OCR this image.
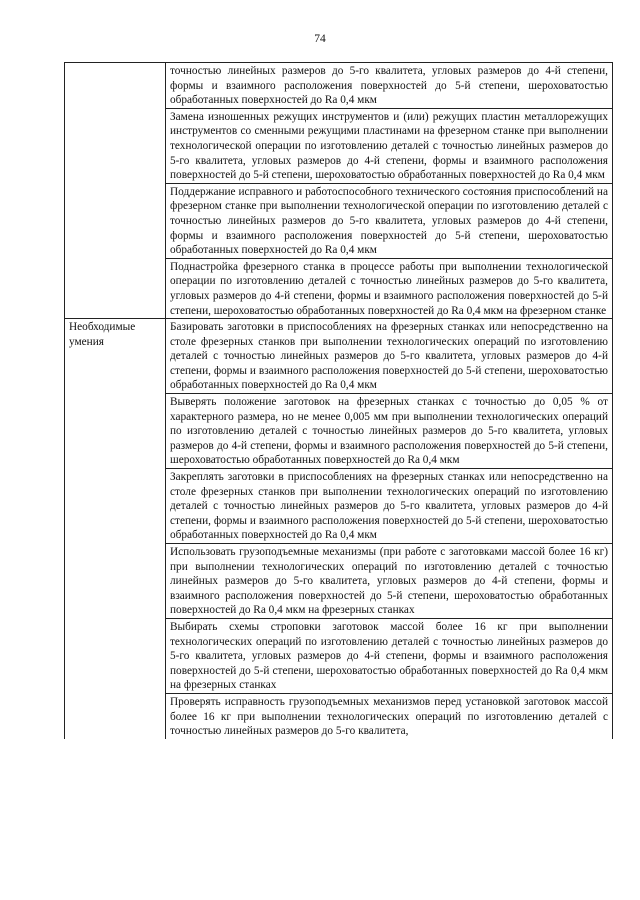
74
	точностью линейных размеров до 5-го квалитета, угловых размеров до 4-й степени, формы и взаимного расположения поверхностей до 5-й степени, шероховатостью обработанных поверхностей до Ra 0,4 мкм
	Замена изношенных режущих инструментов и (или) режущих пластин металлорежущих инструментов со сменными режущими пластинами на фрезерном станке при выполнении технологической операции по изготовлению деталей с точностью линейных размеров до 5-го квалитета, угловых размеров до 4-й степени, формы и взаимного расположения поверхностей до 5-й степени, шероховатостью обработанных поверхностей до Ra 0,4 мкм
	Поддержание исправного и работоспособного технического состояния приспособлений на фрезерном станке при выполнении технологической операции по изготовлению деталей с точностью линейных размеров до 5-го квалитета, угловых размеров до 4-й степени, формы и взаимного расположения поверхностей до 5-й степени, шероховатостью обработанных поверхностей до Ra 0,4 мкм
	Поднастройка фрезерного станка в процессе работы при выполнении технологической операции по изготовлению деталей с точностью линейных размеров до 5-го квалитета, угловых размеров до 4-й степени, формы и взаимного расположения поверхностей до 5-й степени, шероховатостью обработанных поверхностей до Ra 0,4 мкм на фрезерном станке
Необходимые умения	Базировать заготовки в приспособлениях на фрезерных станках или непосредственно на столе фрезерных станков при выполнении технологических операций по изготовлению деталей с точностью линейных размеров до 5-го квалитета, угловых размеров до 4-й степени, формы и взаимного расположения поверхностей до 5-й степени, шероховатостью обработанных поверхностей до Ra 0,4 мкм
	Выверять положение заготовок на фрезерных станках с точностью до 0,05 % от характерного размера, но не менее 0,005 мм при выполнении технологических операций по изготовлению деталей с точностью линейных размеров до 5-го квалитета, угловых размеров до 4-й степени, формы и взаимного расположения поверхностей до 5-й степени, шероховатостью обработанных поверхностей до Ra 0,4 мкм
	Закреплять заготовки в приспособлениях на фрезерных станках или непосредственно на столе фрезерных станков при выполнении технологических операций по изготовлению деталей с точностью линейных размеров до 5-го квалитета, угловых размеров до 4-й степени, формы и взаимного расположения поверхностей до 5-й степени, шероховатостью обработанных поверхностей до Ra 0,4 мкм
	Использовать грузоподъемные механизмы (при работе с заготовками массой более 16 кг) при выполнении технологических операций по изготовлению деталей с точностью линейных размеров до 5-го квалитета, угловых размеров до 4-й степени, формы и взаимного расположения поверхностей до 5-й степени, шероховатостью обработанных поверхностей до Ra 0,4 мкм на фрезерных станках
	Выбирать схемы строповки заготовок массой более 16 кг при выполнении технологических операций по изготовлению деталей с точностью линейных размеров до 5-го квалитета, угловых размеров до 4-й степени, формы и взаимного расположения поверхностей до 5-й степени, шероховатостью обработанных поверхностей до Ra 0,4 мкм на фрезерных станках
	Проверять исправность грузоподъемных механизмов перед установкой заготовок массой более 16 кг при выполнении технологических операций по изготовлению деталей с точностью линейных размеров до 5-го квалитета,
